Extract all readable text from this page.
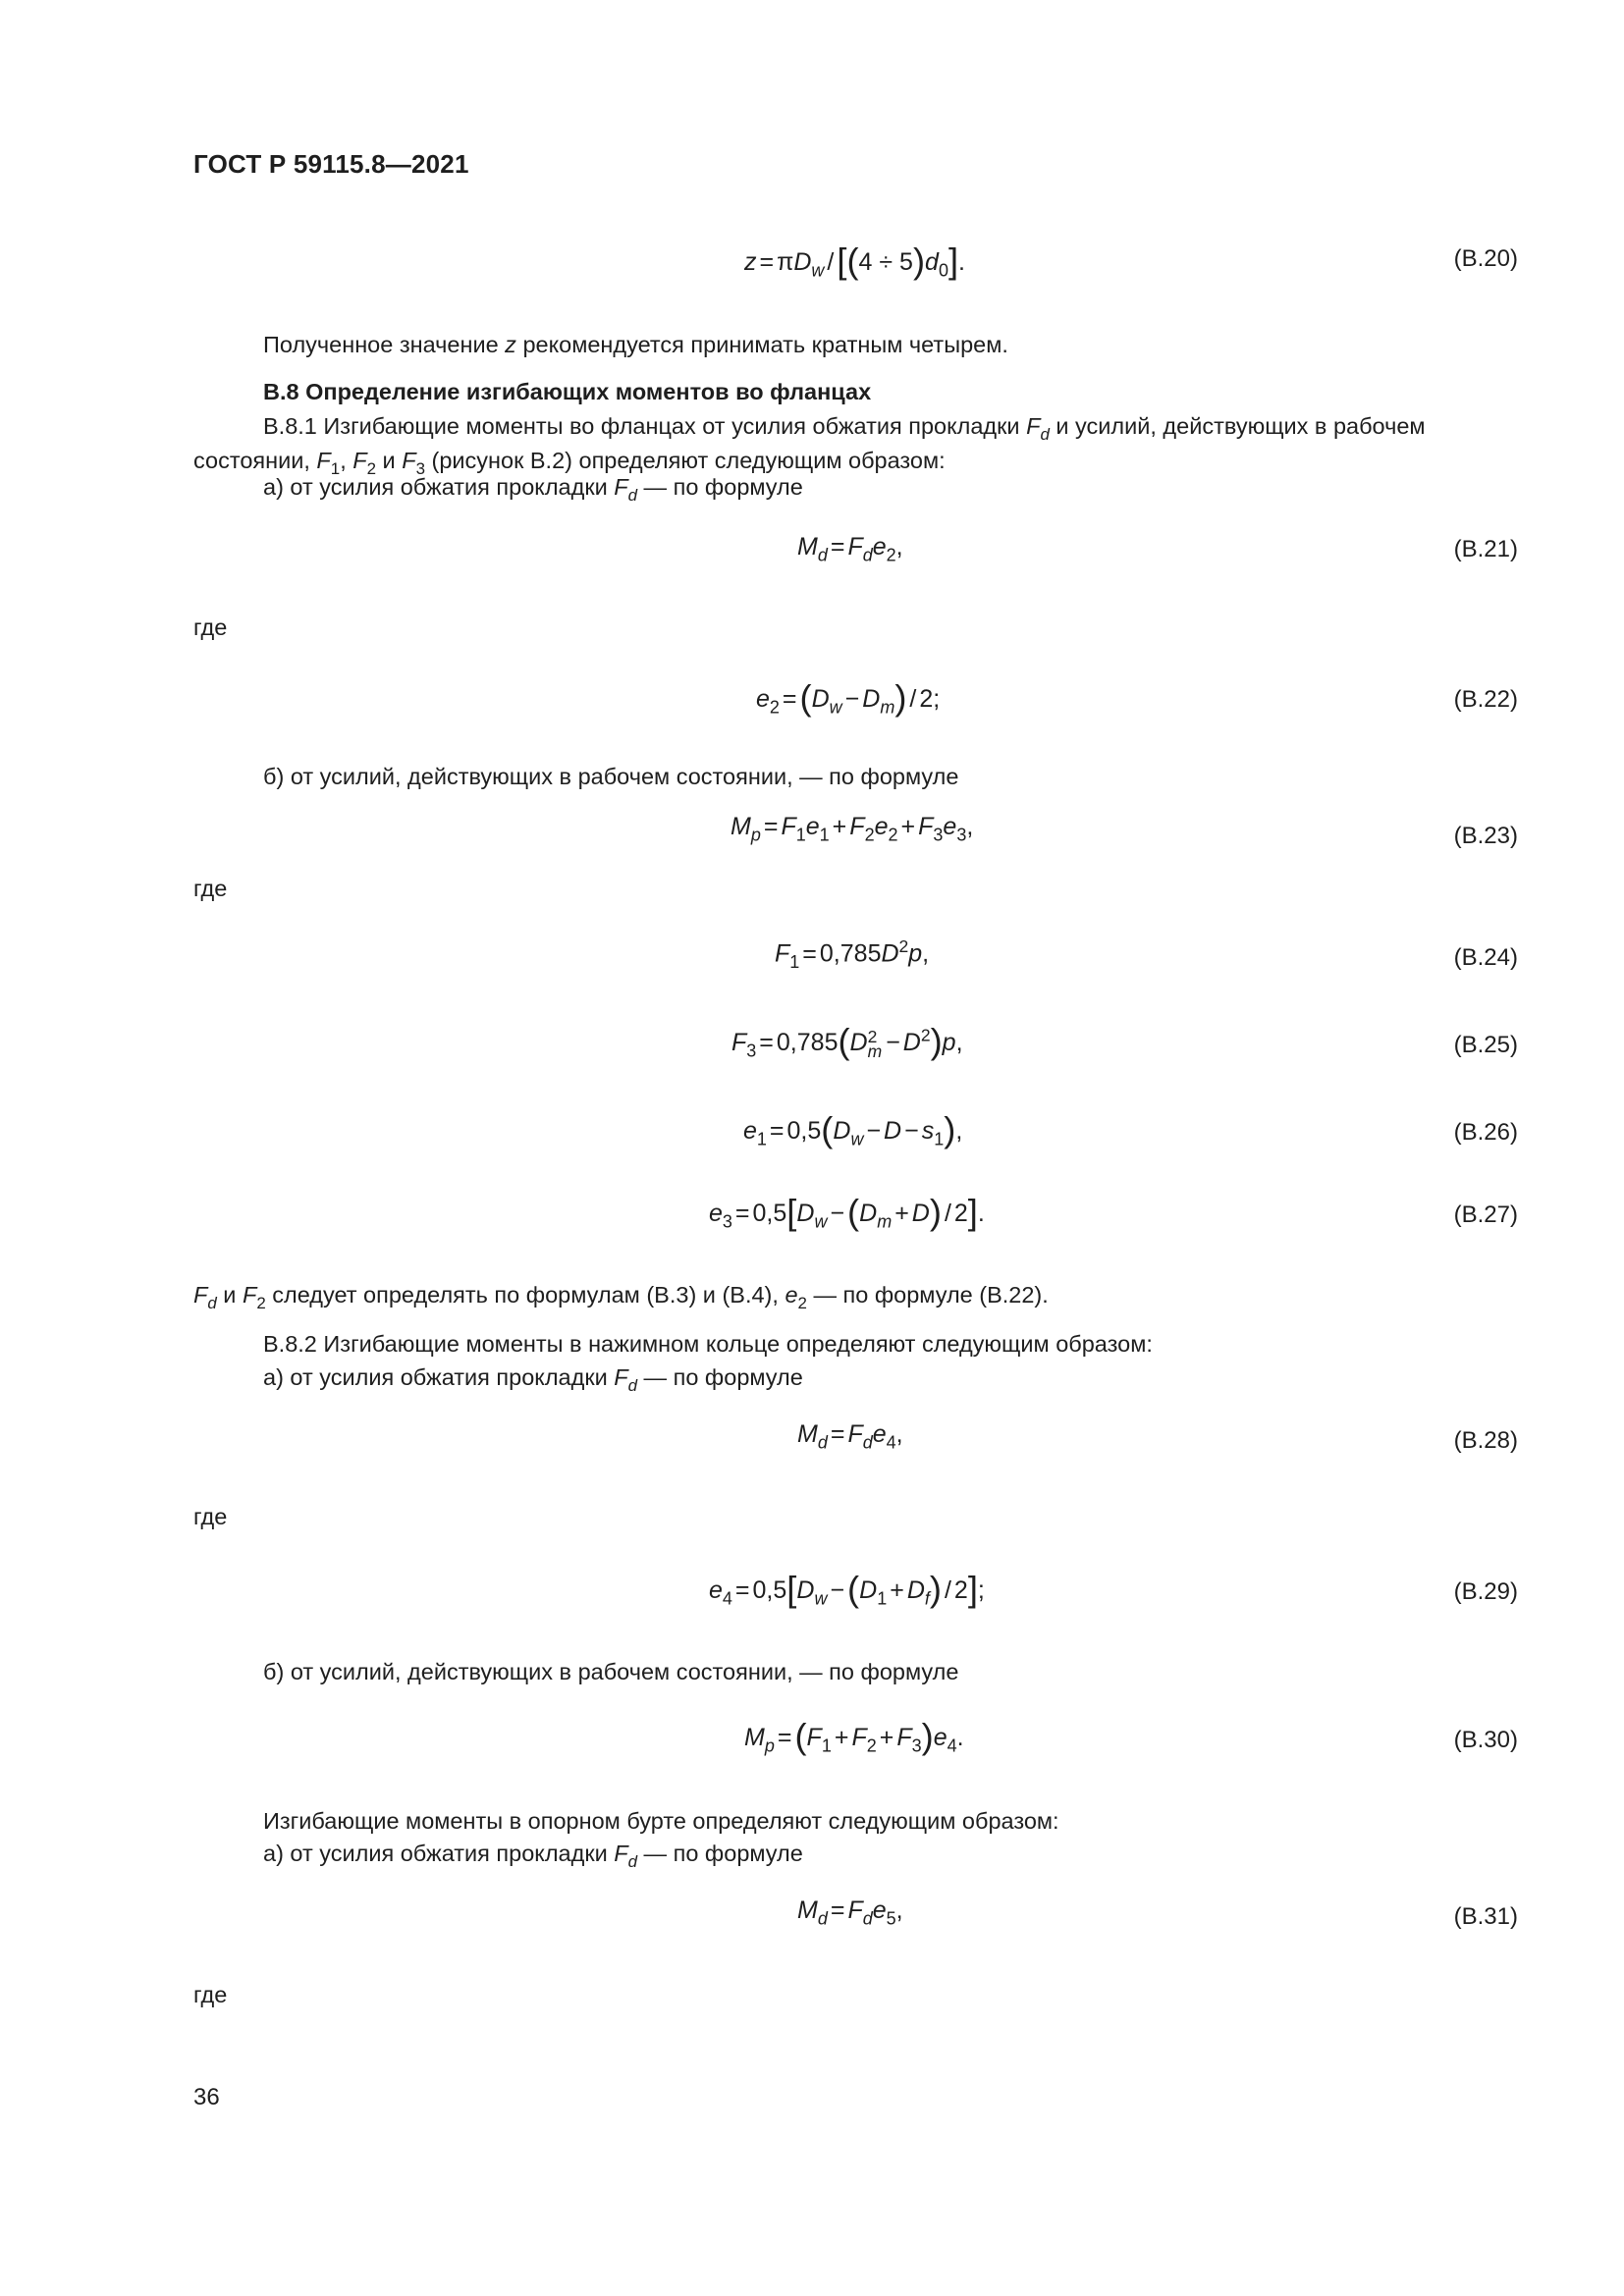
ГОСТ Р 59115.8—2021
$z = \pi D_w$ $/[(4 \div 5)d_0]$.	(В.20)
Полученное значение z рекомендуется принимать кратным четырем.
В.8 Определение изгибающих моментов во фланцах
В.8.1 Изгибающие моменты во фланцах от усилия обжатия прокладки $F_d$ и усилий, действующих в рабочем состоянии, $F_1$, $F_2$ и $F_3$ (рисунок В.2) определяют следующим образом:
а) от усилия обжатия прокладки $F_d$ — по формуле
$M_d = F_de_2$,	(В.21)
где
$e_2 =(D_w - D_m) / 2$;	(В.22)
б) от усилий, действующих в рабочем состоянии, — по формуле
$M_p = F_1e_1 + F_2e_2 + F_3e_3$,	(В.23)
где
$F_1 = 0,785D^2p$,	(В.24)
$F_3 = 0,785(D2$
$m - D^2)p$,	(В.25)
$e_1 = 0,5(D_w - D - s_1)$,	(В.26)
$e_3 = 0,5[D_w -(D_m + D) / 2]$.	(В.27)
$F_d$ и $F_2$ следует определять по формулам (В.3) и (В.4), $e_2$ — по формуле (В.22).
В.8.2 Изгибающие моменты в нажимном кольце определяют следующим образом:
а) от усилия обжатия прокладки $F_d$ — по формуле
$M_d = F_de_4$,	(В.28)
где
$e_4 = 0,5[D_w -(D_1 + D_f) / 2]$;	(В.29)
б) от усилий, действующих в рабочем состоянии, — по формуле
$M_p =(F_1 + F_2 + F_3)e_4$.	(В.30)
Изгибающие моменты в опорном бурте определяют следующим образом:
а) от усилия обжатия прокладки $F_d$ — по формуле
$M_d = F_de_5$,	(В.31)
где
36
